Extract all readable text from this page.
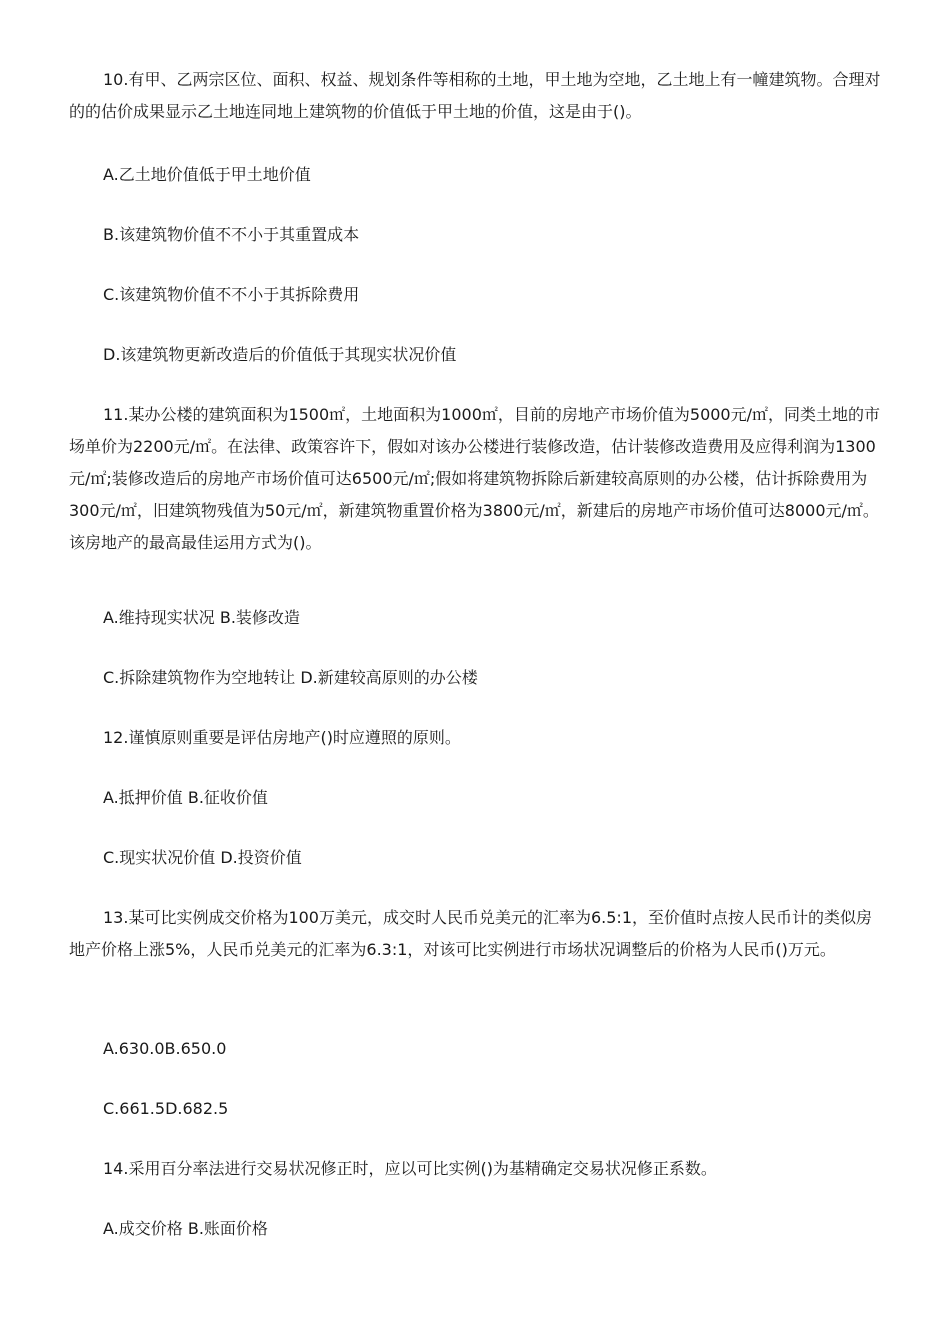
10.有甲、乙两宗区位、面积、权益、规划条件等相称的土地，甲土地为空地，乙土地上有一幢建筑物。合理对的的估价成果显示乙土地连同地上建筑物的价值低于甲土地的价值，这是由于()。

A.乙土地价值低于甲土地价值

B.该建筑物价值不不小于其重置成本

C.该建筑物价值不不小于其拆除费用

D.该建筑物更新改造后的价值低于其现实状况价值

11.某办公楼的建筑面积为1500㎡，土地面积为1000㎡，目前的房地产市场价值为5000元/㎡，同类土地的市场单价为2200元/㎡。在法律、政策容许下，假如对该办公楼进行装修改造，估计装修改造费用及应得利润为1300元/㎡;装修改造后的房地产市场价值可达6500元/㎡;假如将建筑物拆除后新建较高原则的办公楼，估计拆除费用为300元/㎡，旧建筑物残值为50元/㎡，新建筑物重置价格为3800元/㎡，新建后的房地产市场价值可达8000元/㎡。该房地产的最高最佳运用方式为()。

A.维持现实状况 B.装修改造

C.拆除建筑物作为空地转让 D.新建较高原则的办公楼

12.谨慎原则重要是评估房地产()时应遵照的原则。

A.抵押价值 B.征收价值

C.现实状况价值 D.投资价值

13.某可比实例成交价格为100万美元，成交时人民币兑美元的汇率为6.5:1，至价值时点按人民币计的类似房地产价格上涨5%，人民币兑美元的汇率为6.3:1，对该可比实例进行市场状况调整后的价格为人民币()万元。

A.630.0B.650.0

C.661.5D.682.5

14.采用百分率法进行交易状况修正时，应以可比实例()为基精确定交易状况修正系数。

A.成交价格 B.账面价格
